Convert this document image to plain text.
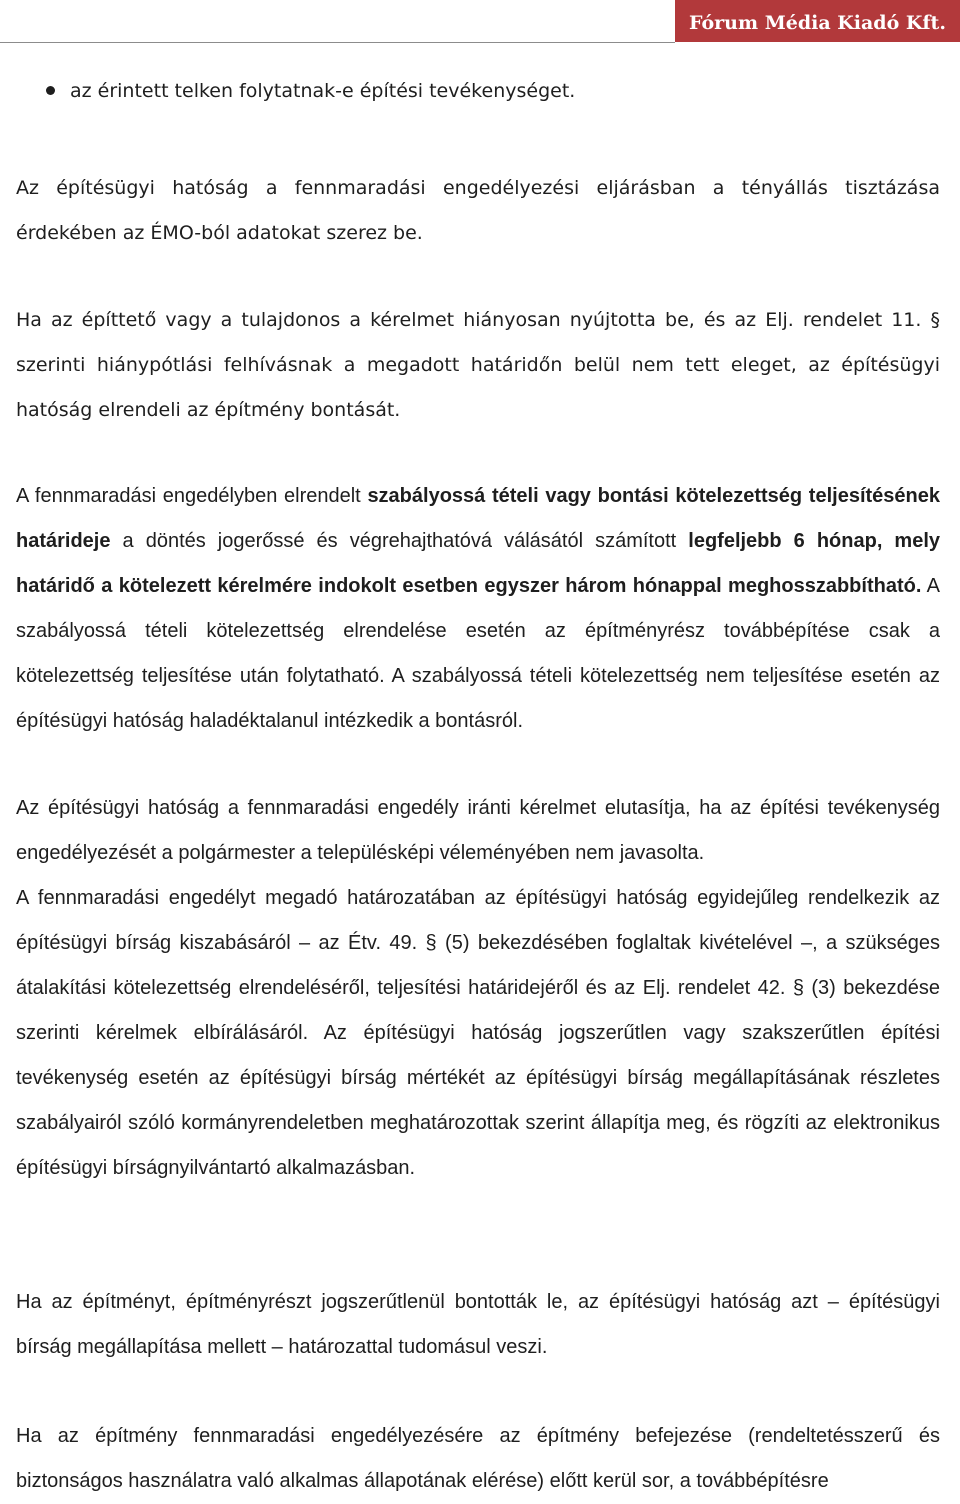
Fórum Média Kiadó Kft.
az érintett telken folytatnak-e építési tevékenységet.
Az építésügyi hatóság a fennmaradási engedélyezési eljárásban a tényállás tisztázása érdekében az ÉMO-ból adatokat szerez be.
Ha az építtető vagy a tulajdonos a kérelmet hiányosan nyújtotta be, és az Elj. rendelet 11. § szerinti hiánypótlási felhívásnak a megadott határidőn belül nem tett eleget, az építésügyi hatóság elrendeli az építmény bontását.
A fennmaradási engedélyben elrendelt szabályossá tételi vagy bontási kötelezettség teljesítésének határideje a döntés jogerőssé és végrehajthatóvá válásától számított legfeljebb 6 hónap, mely határidő a kötelezett kérelmére indokolt esetben egyszer három hónappal meghosszabbítható. A szabályossá tételi kötelezettség elrendelése esetén az építményrész továbbépítése csak a kötelezettség teljesítése után folytatható. A szabályossá tételi kötelezettség nem teljesítése esetén az építésügyi hatóság haladéktalanul intézkedik a bontásról.
Az építésügyi hatóság a fennmaradási engedély iránti kérelmet elutasítja, ha az építési tevékenység engedélyezését a polgármester a településképi véleményében nem javasolta.
A fennmaradási engedélyt megadó határozatában az építésügyi hatóság egyidejűleg rendelkezik az építésügyi bírság kiszabásáról – az Étv. 49. § (5) bekezdésében foglaltak kivételével –, a szükséges átalakítási kötelezettség elrendeléséről, teljesítési határidejéről és az Elj. rendelet 42. § (3) bekezdése szerinti kérelmek elbírálásáról. Az építésügyi hatóság jogszerűtlen vagy szakszerűtlen építési tevékenység esetén az építésügyi bírság mértékét az építésügyi bírság megállapításának részletes szabályairól szóló kormányrendeletben meghatározottak szerint állapítja meg, és rögzíti az elektronikus építésügyi bírságnyilvántartó alkalmazásban.
Ha az építményt, építményrészt jogszerűtlenül bontották le, az építésügyi hatóság azt – építésügyi bírság megállapítása mellett – határozattal tudomásul veszi.
Ha az építmény fennmaradási engedélyezésére az építmény befejezése (rendeltetésszerű és biztonságos használatra való alkalmas állapotának elérése) előtt kerül sor, a továbbépítésre
